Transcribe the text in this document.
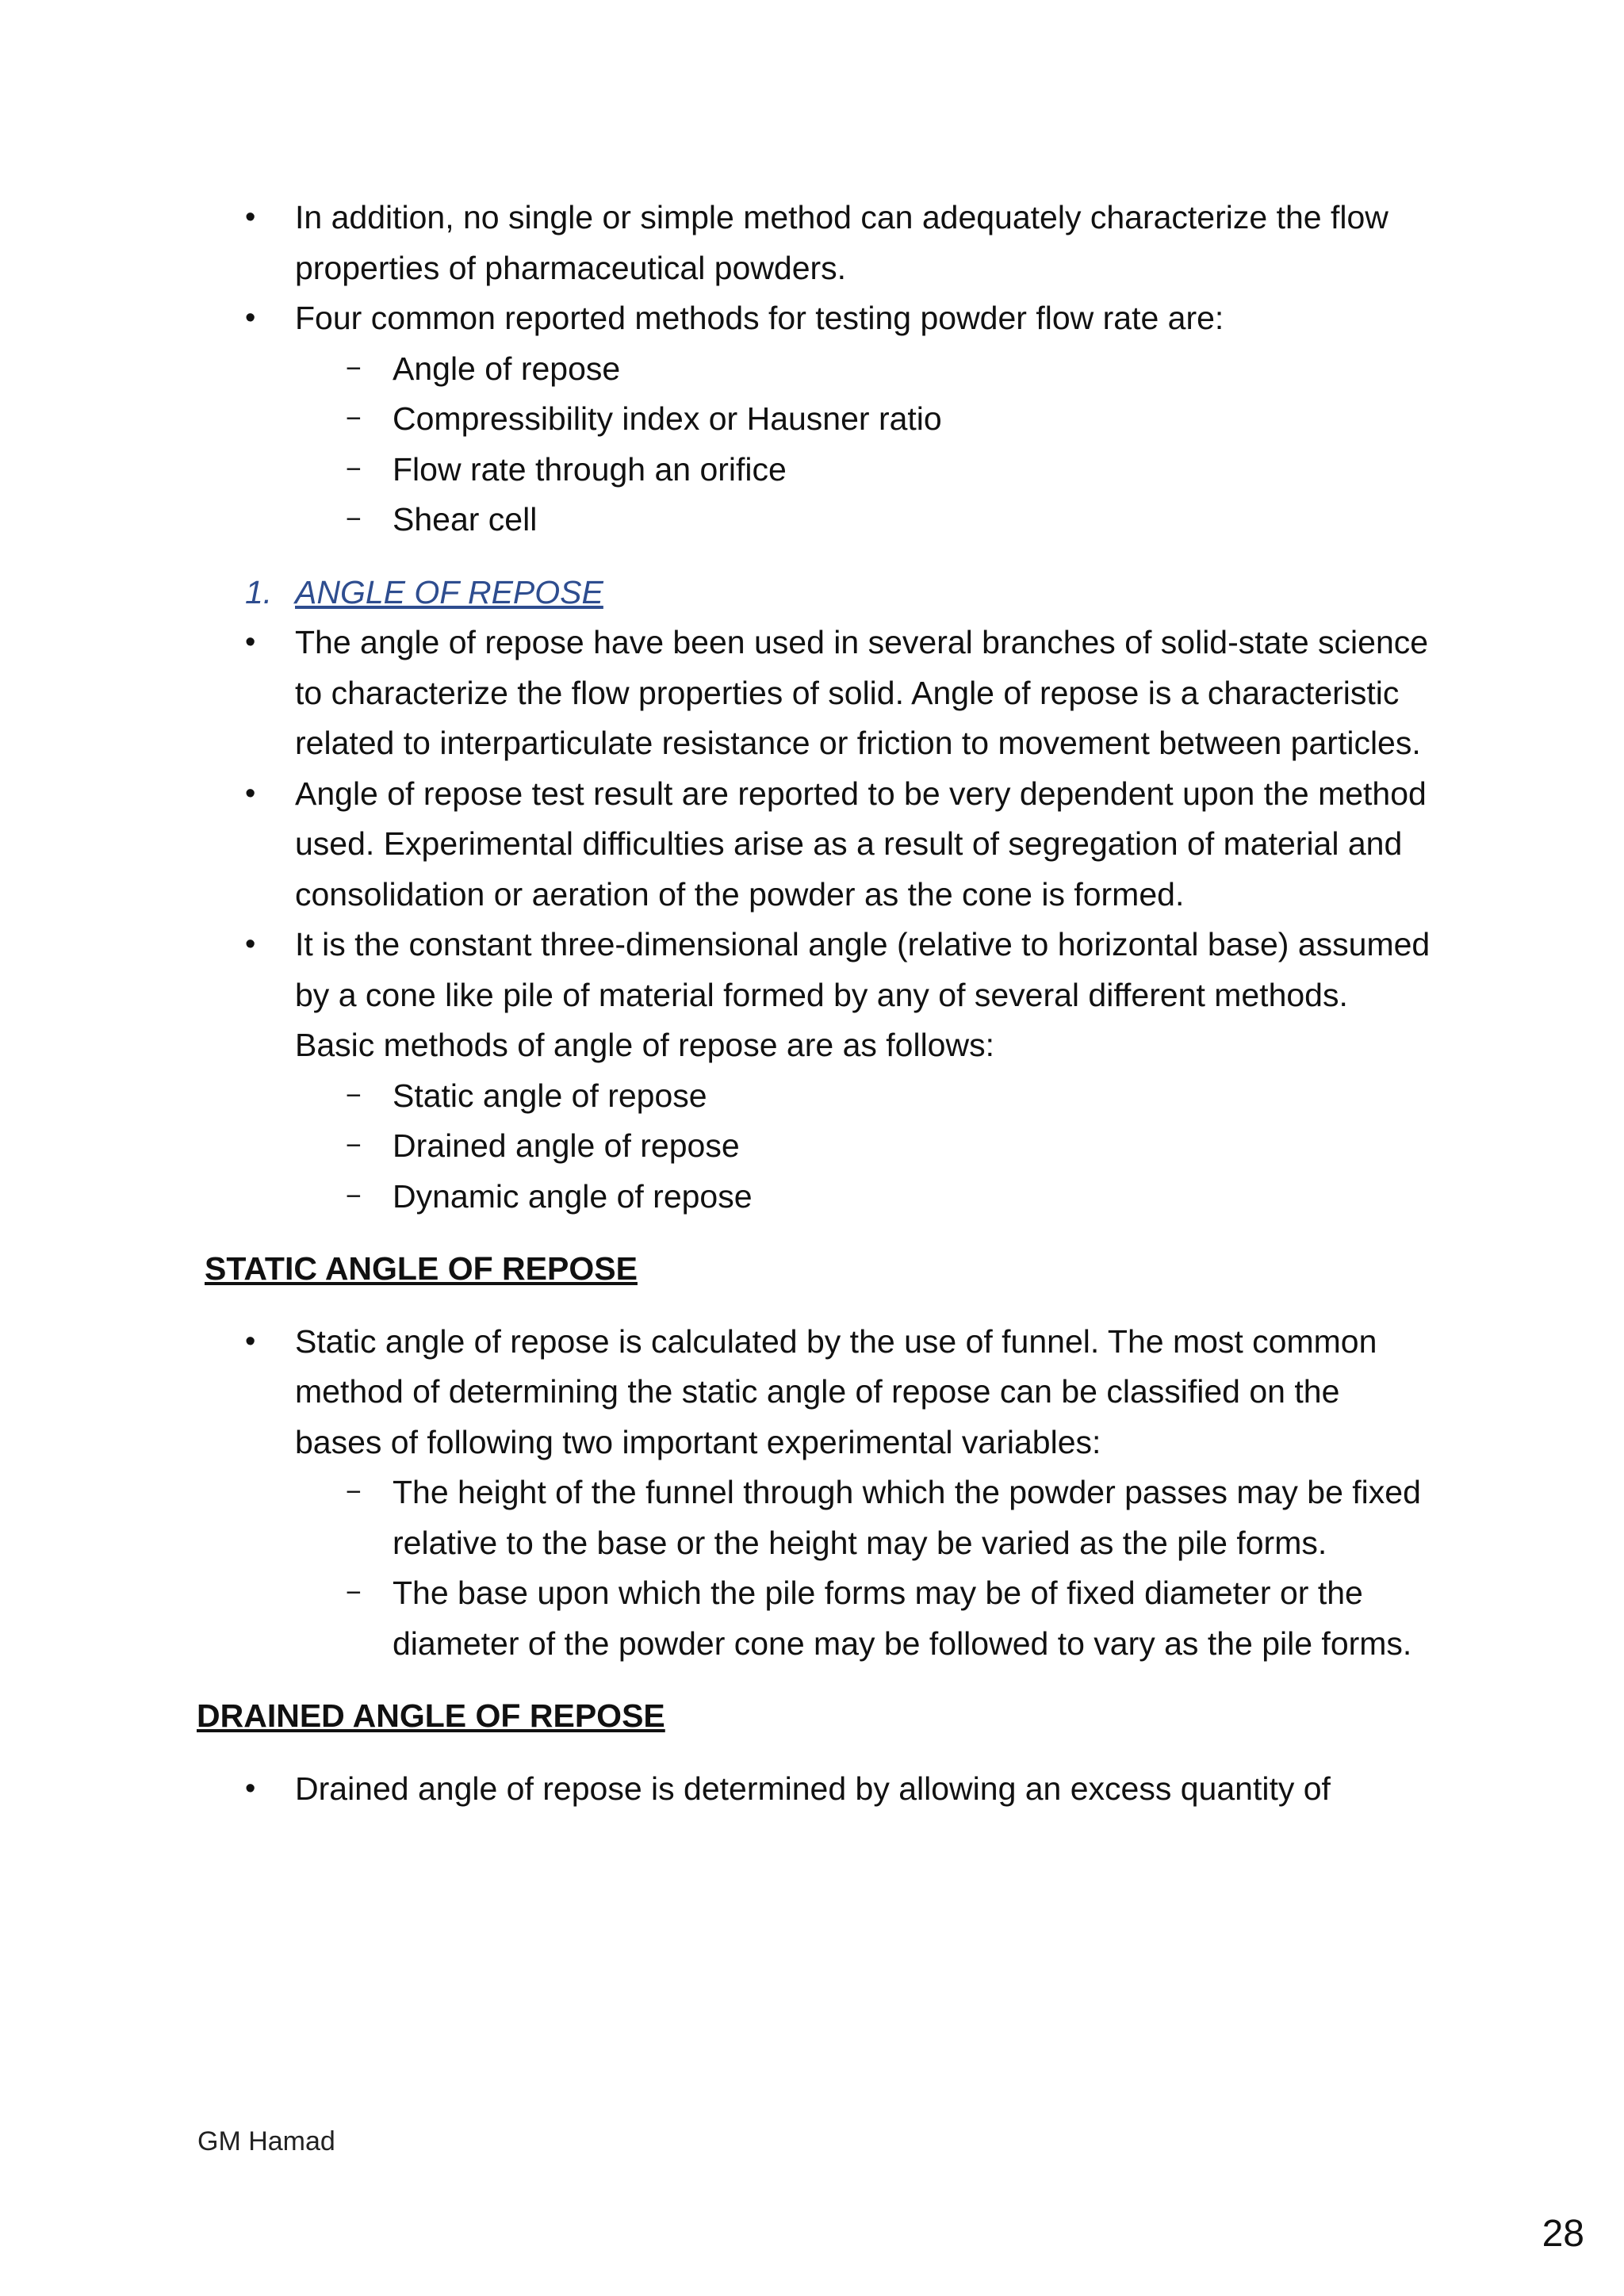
• In addition, no single or simple method can adequately characterize the flow properties of pharmaceutical powders.
• Four common reported methods for testing powder flow rate are:
− Angle of repose
− Compressibility index or Hausner ratio
− Flow rate through an orifice
− Shear cell
1. ANGLE OF REPOSE
• The angle of repose have been used in several branches of solid-state science to characterize the flow properties of solid. Angle of repose is a characteristic related to interparticulate resistance or friction to movement between particles.
• Angle of repose test result are reported to be very dependent upon the method used. Experimental difficulties arise as a result of segregation of material and consolidation or aeration of the powder as the cone is formed.
• It is the constant three-dimensional angle (relative to horizontal base) assumed by a cone like pile of material formed by any of several different methods. Basic methods of angle of repose are as follows:
− Static angle of repose
− Drained angle of repose
− Dynamic angle of repose
STATIC ANGLE OF REPOSE
• Static angle of repose is calculated by the use of funnel. The most common method of determining the static angle of repose can be classified on the bases of following two important experimental variables:
− The height of the funnel through which the powder passes may be fixed relative to the base or the height may be varied as the pile forms.
− The base upon which the pile forms may be of fixed diameter or the diameter of the powder cone may be followed to vary as the pile forms.
DRAINED ANGLE OF REPOSE
• Drained angle of repose is determined by allowing an excess quantity of
GM Hamad
28
